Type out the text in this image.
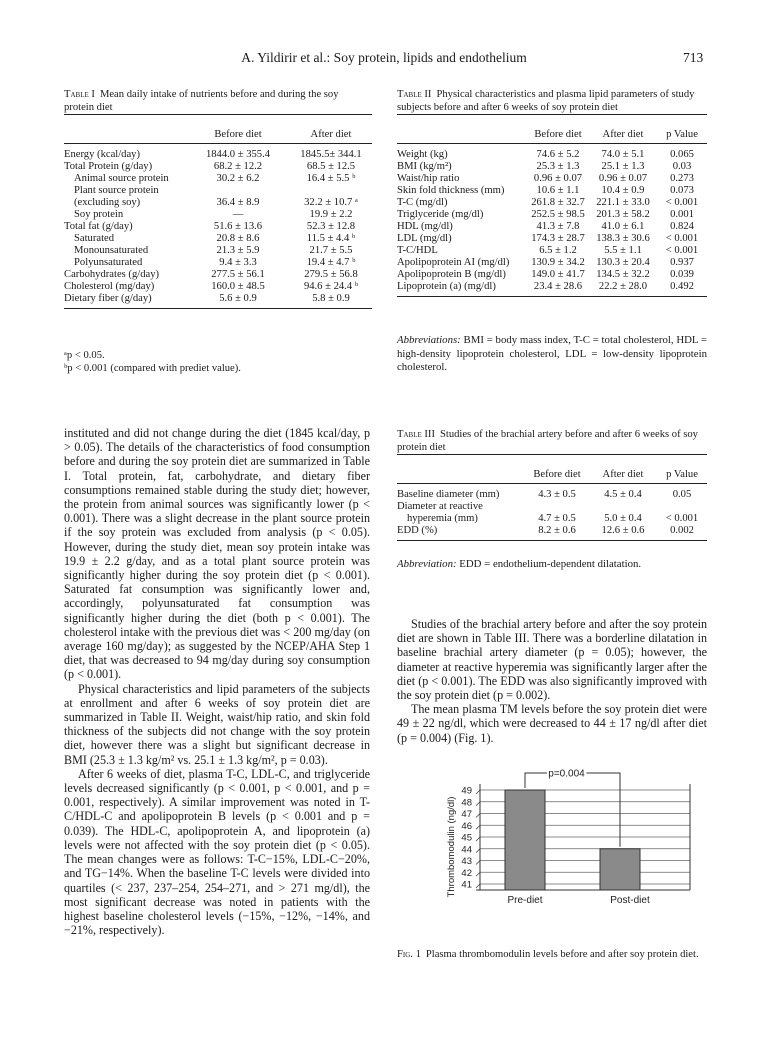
A. Yildirir et al.: Soy protein, lipids and endothelium	713
Table I Mean daily intake of nutrients before and during the soy protein diet

	Before diet	After diet
Energy (kcal/day)	1844.0 ± 355.4	1845.5± 344.1
Total Protein (g/day)	68.2 ± 12.2	68.5 ± 12.5
Animal source protein	30.2 ± 6.2	16.4 ± 5.5 ᵇ
Plant source protein		
(excluding soy)	36.4 ± 8.9	32.2 ± 10.7 ᵃ
Soy protein	—	19.9 ± 2.2
Total fat (g/day)	51.6 ± 13.6	52.3 ± 12.8
Saturated	20.8 ± 8.6	11.5 ± 4.4 ᵇ
Monounsaturated	21.3 ± 5.9	21.7 ± 5.5
Polyunsaturated	9.4 ± 3.3	19.4 ± 4.7 ᵇ
Carbohydrates (g/day)	277.5 ± 56.1	279.5 ± 56.8
Cholesterol (mg/day)	160.0 ± 48.5	94.6 ± 24.4 ᵇ
Dietary fiber (g/day)	5.6 ± 0.9	5.8 ± 0.9
ᵃp < 0.05.
ᵇp < 0.001 (compared with prediet value).
Table II Physical characteristics and plasma lipid parameters of study subjects before and after 6 weeks of soy protein diet

	Before diet	After diet	p Value
Weight (kg)	74.6 ± 5.2	74.0 ± 5.1	0.065
BMI (kg/m²)	25.3 ± 1.3	25.1 ± 1.3	0.03
Waist/hip ratio	0.96 ± 0.07	0.96 ± 0.07	0.273
Skin fold thickness (mm)	10.6 ± 1.1	10.4 ± 0.9	0.073
T-C (mg/dl)	261.8 ± 32.7	221.1 ± 33.0	< 0.001
Triglyceride (mg/dl)	252.5 ± 98.5	201.3 ± 58.2	0.001
HDL (mg/dl)	41.3 ± 7.8	41.0 ± 6.1	0.824
LDL (mg/dl)	174.3 ± 28.7	138.3 ± 30.6	< 0.001
T-C/HDL	6.5 ± 1.2	5.5 ± 1.1	< 0.001
Apolipoprotein AI (mg/dl)	130.9 ± 34.2	130.3 ± 20.4	0.937
Apolipoprotein B (mg/dl)	149.0 ± 41.7	134.5 ± 32.2	0.039
Lipoprotein (a) (mg/dl)	23.4 ± 28.6	22.2 ± 28.0	0.492
Abbreviations: BMI = body mass index, T-C = total cholesterol, HDL = high-density lipoprotein cholesterol, LDL = low-density lipoprotein cholesterol.
Table III Studies of the brachial artery before and after 6 weeks of soy protein diet

	Before diet	After diet	p Value
Baseline diameter (mm)	4.3 ± 0.5	4.5 ± 0.4	0.05
Diameter at reactive			
hyperemia (mm)	4.7 ± 0.5	5.0 ± 0.4	< 0.001
EDD (%)	8.2 ± 0.6	12.6 ± 0.6	0.002
Abbreviation: EDD = endothelium-dependent dilatation.

instituted and did not change during the diet (1845 kcal/day, p > 0.05). The details of the characteristics of food consumption before and during the soy protein diet are summarized in Table I. Total protein, fat, carbohydrate, and dietary fiber consumptions remained stable during the study diet; however, the protein from animal sources was significantly lower (p < 0.001). There was a slight decrease in the plant source protein if the soy protein was excluded from analysis (p < 0.05). However, during the study diet, mean soy protein intake was 19.9 ± 2.2 g/day, and as a total plant source protein was significantly higher during the soy protein diet (p < 0.001). Saturated fat consumption was significantly lower and, accordingly, polyunsaturated fat consumption was significantly higher during the diet (both p < 0.001). The cholesterol intake with the previous diet was < 200 mg/day (on average 160 mg/day); as suggested by the NCEP/AHA Step 1 diet, that was decreased to 94 mg/day during soy consumption (p < 0.001).

Physical characteristics and lipid parameters of the subjects at enrollment and after 6 weeks of soy protein diet are summarized in Table II. Weight, waist/hip ratio, and skin fold thickness of the subjects did not change with the soy protein diet, however there was a slight but significant decrease in BMI (25.3 ± 1.3 kg/m² vs. 25.1 ± 1.3 kg/m², p = 0.03).

After 6 weeks of diet, plasma T-C, LDL-C, and triglyceride levels decreased significantly (p < 0.001, p < 0.001, and p = 0.001, respectively). A similar improvement was noted in T-C/HDL-C and apolipoprotein B levels (p < 0.001 and p = 0.039). The HDL-C, apolipoprotein A, and lipoprotein (a) levels were not affected with the soy protein diet (p < 0.05). The mean changes were as follows: T-C−15%, LDL-C−20%, and TG−14%. When the baseline T-C levels were divided into quartiles (< 237, 237–254, 254–271, and > 271 mg/dl), the most significant decrease was noted in patients with the highest baseline cholesterol levels (−15%, −12%, −14%, and −21%, respectively).

Studies of the brachial artery before and after the soy protein diet are shown in Table III. There was a borderline dilatation in baseline brachial artery diameter (p = 0.05); however, the diameter at reactive hyperemia was significantly larger after the diet (p < 0.001). The EDD was also significantly improved with the soy protein diet (p = 0.002).

The mean plasma TM levels before the soy protein diet were 49 ± 22 ng/dl, which were decreased to 44 ± 17 ng/dl after diet (p = 0.004) (Fig. 1).

41
42
43
44
45
46
47
48
49
Thrombomodulin (ng/dl)
Pre-diet	Post-diet
p=0.004
Fig. 1 Plasma thrombomodulin levels before and after soy protein diet.
